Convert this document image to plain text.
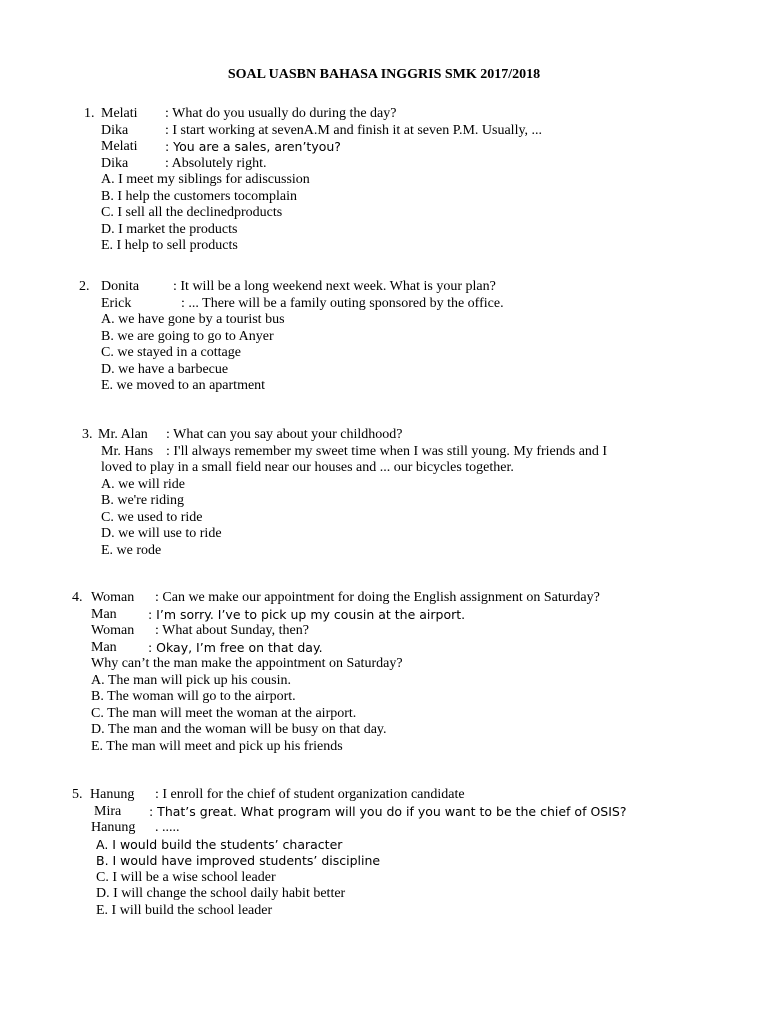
SOAL UASBN BAHASA INGGRIS SMK 2017/2018
1. Melati	: What do you usually do during the day?
Dika	: I start working at sevenA.M and finish it at seven P.M. Usually, ...
Melati	: You are a sales, aren’tyou?
Dika	: Absolutely right.
A. I meet my siblings for adiscussion
B. I help the customers tocomplain
C. I sell all the declinedproducts
D. I market the products
E. I help to sell products
2. Donita	: It will be a long weekend next week. What is your plan?
Erick	: ... There will be a family outing sponsored by the office.
A. we have gone by a tourist bus
B. we are going to go to Anyer
C. we stayed in a cottage
D. we have a barbecue
E. we moved to an apartment
3. Mr. Alan	: What can you say about your childhood?
Mr. Hans : I'll always remember my sweet time when I was still young. My friends and I
loved to play in a small field near our houses and ... our bicycles together.
A. we will ride
B. we're riding
C. we used to ride
D. we will use to ride
E. we rode
4. Woman	: Can we make our appointment for doing the English assignment on Saturday?
Man	: I’m sorry. I’ve to pick up my cousin at the airport.
Woman	: What about Sunday, then?
Man	: Okay, I’m free on that day.
Why can’t the man make the appointment on Saturday?
A. The man will pick up his cousin.
B. The woman will go to the airport.
C. The man will meet the woman at the airport.
D. The man and the woman will be busy on that day.
E. The man will meet and pick up his friends
5. Hanung	: I enroll for the chief of student organization candidate
Mira	: That’s great. What program will you do if you want to be the chief of OSIS?
Hanung	. .....
A. I would build the students’ character
B. I would have improved students’ discipline
C. I will be a wise school leader
D. I will change the school daily habit better
E. I will build the school leader
